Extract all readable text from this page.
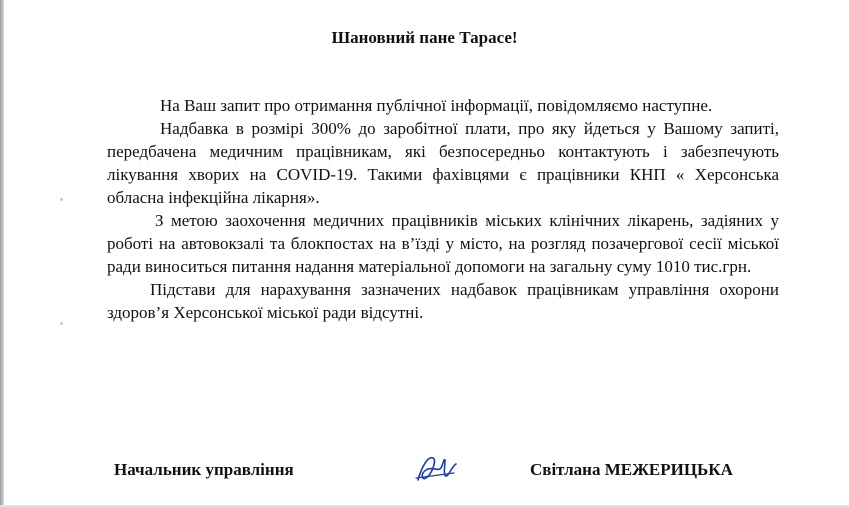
Шановний пане Тарасе!

На Ваш запит про отримання публічної інформації, повідомляємо наступне.

Надбавка в розмірі 300% до заробітної плати, про яку йдеться у Вашому запиті, передбачена медичним працівникам, які безпосередньо контактують і забезпечують лікування хворих на COVID-19. Такими фахівцями є працівники КНП « Херсонська обласна інфекційна лікарня».

З метою заохочення медичних працівників міських клінічних лікарень, задіяних у роботі на автовокзалі та блокпостах на в’їзді у місто, на розгляд позачергової сесії міської ради виноситься питання надання матеріальної допомоги на загальну суму 1010 тис.грн.

Підстави для нарахування зазначених надбавок працівникам управління охорони здоров’я Херсонської міської ради відсутні.

Начальник управління	Світлана МЕЖЕРИЦЬКА
